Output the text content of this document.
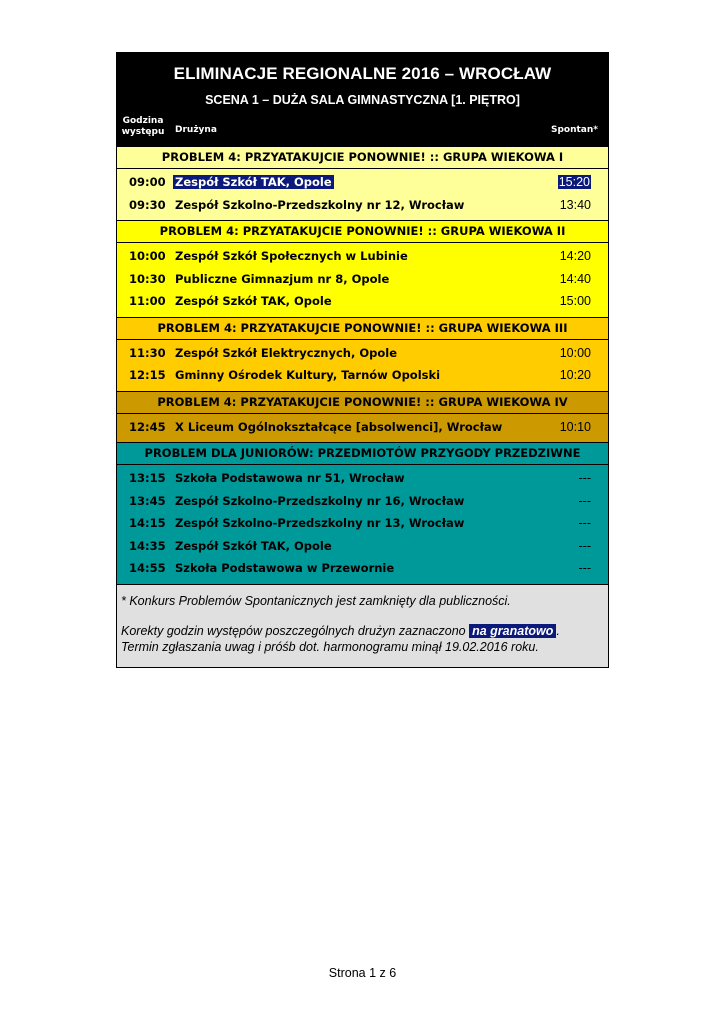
ELIMINACJE REGIONALNE 2016 – WROCŁAW
SCENA 1 – DUŻA SALA GIMNASTYCZNA [1. PIĘTRO]
Godzina
występu	Drużyna	Spontan*
PROBLEM 4: PRZYATAKUJCIE PONOWNIE! :: GRUPA WIEKOWA I
09:00 Zespół Szkół TAK, Opole	15:20
09:30 Zespół Szkolno-Przedszkolny nr 12, Wrocław	13:40
PROBLEM 4: PRZYATAKUJCIE PONOWNIE! :: GRUPA WIEKOWA II
10:00 Zespół Szkół Społecznych w Lubinie	14:20
10:30 Publiczne Gimnazjum nr 8, Opole	14:40
11:00 Zespół Szkół TAK, Opole	15:00
PROBLEM 4: PRZYATAKUJCIE PONOWNIE! :: GRUPA WIEKOWA III
11:30 Zespół Szkół Elektrycznych, Opole	10:00
12:15 Gminny Ośrodek Kultury, Tarnów Opolski	10:20
PROBLEM 4: PRZYATAKUJCIE PONOWNIE! :: GRUPA WIEKOWA IV
12:45 X Liceum Ogólnokształcące [absolwenci], Wrocław	10:10
PROBLEM DLA JUNIORÓW: PRZEDMIOTÓW PRZYGODY PRZEDZIWNE
13:15 Szkoła Podstawowa nr 51, Wrocław	---
13:45 Zespół Szkolno-Przedszkolny nr 16, Wrocław	---
14:15 Zespół Szkolno-Przedszkolny nr 13, Wrocław	---
14:35 Zespół Szkół TAK, Opole	---
14:55 Szkoła Podstawowa w Przewornie	---

* Konkurs Problemów Spontanicznych jest zamknięty dla publiczności.

Korekty godzin występów poszczególnych drużyn zaznaczono na granatowo .

Termin zgłaszania uwag i próśb dot. harmonogramu minął 19.02.2016 roku.

Strona 1 z 6
